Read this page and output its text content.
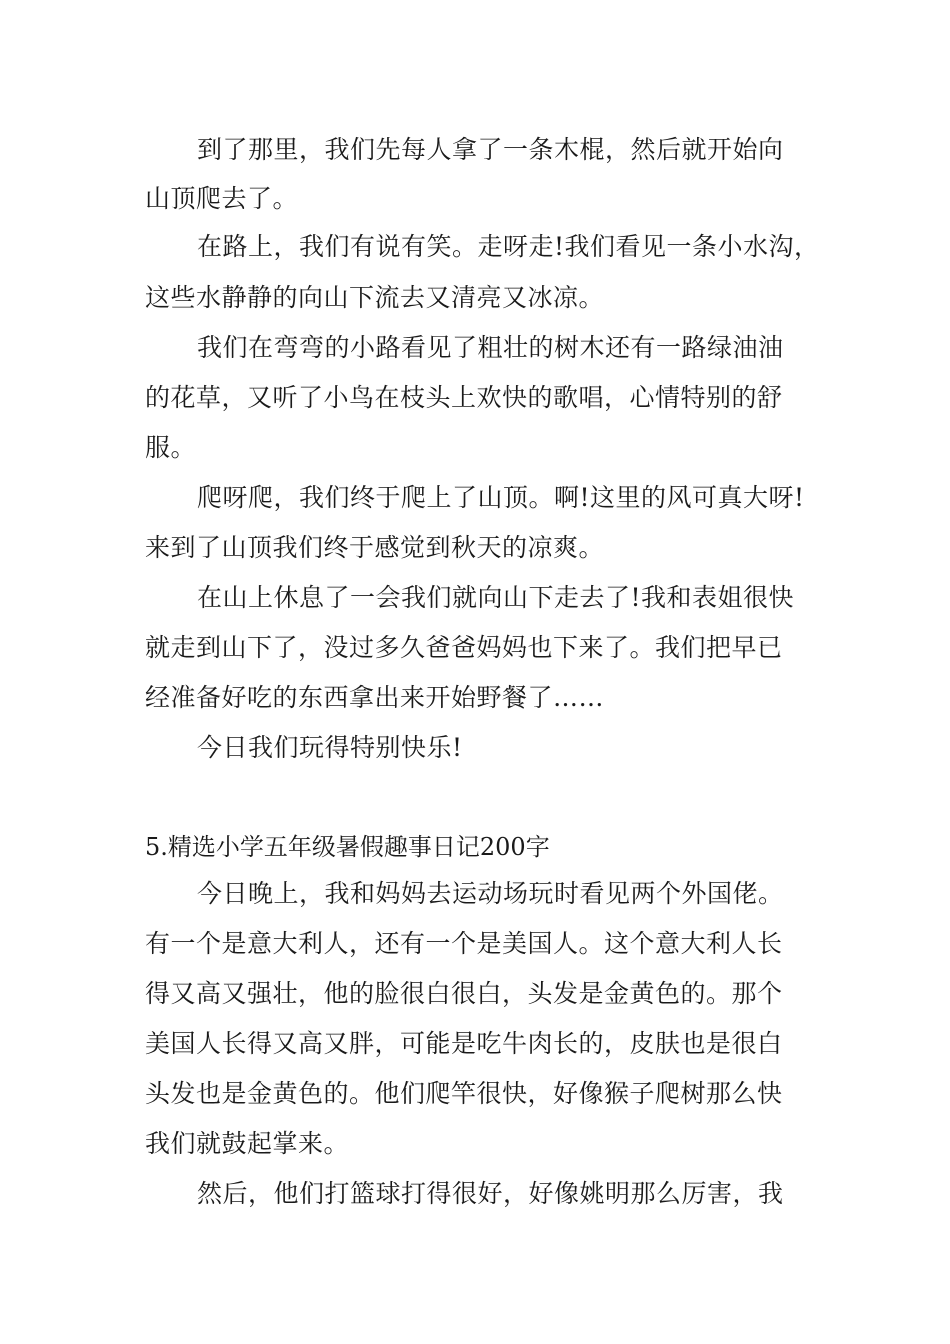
到了那里，我们先每人拿了一条木棍，然后就开始向
山顶爬去了。
在路上，我们有说有笑。走呀走!我们看见一条小水沟，
这些水静静的向山下流去又清亮又冰凉。
我们在弯弯的小路看见了粗壮的树木还有一路绿油油
的花草，又听了小鸟在枝头上欢快的歌唱，心情特别的舒
服。
爬呀爬，我们终于爬上了山顶。啊!这里的风可真大呀!
来到了山顶我们终于感觉到秋天的凉爽。
在山上休息了一会我们就向山下走去了!我和表姐很快
就走到山下了，没过多久爸爸妈妈也下来了。我们把早已
经准备好吃的东西拿出来开始野餐了……
今日我们玩得特别快乐!
5.精选小学五年级暑假趣事日记200字
今日晚上，我和妈妈去运动场玩时看见两个外国佬。
有一个是意大利人，还有一个是美国人。这个意大利人长
得又高又强壮，他的脸很白很白，头发是金黄色的。那个
美国人长得又高又胖，可能是吃牛肉长的，皮肤也是很白
头发也是金黄色的。他们爬竿很快，好像猴子爬树那么快
我们就鼓起掌来。
然后，他们打篮球打得很好，好像姚明那么厉害，我
